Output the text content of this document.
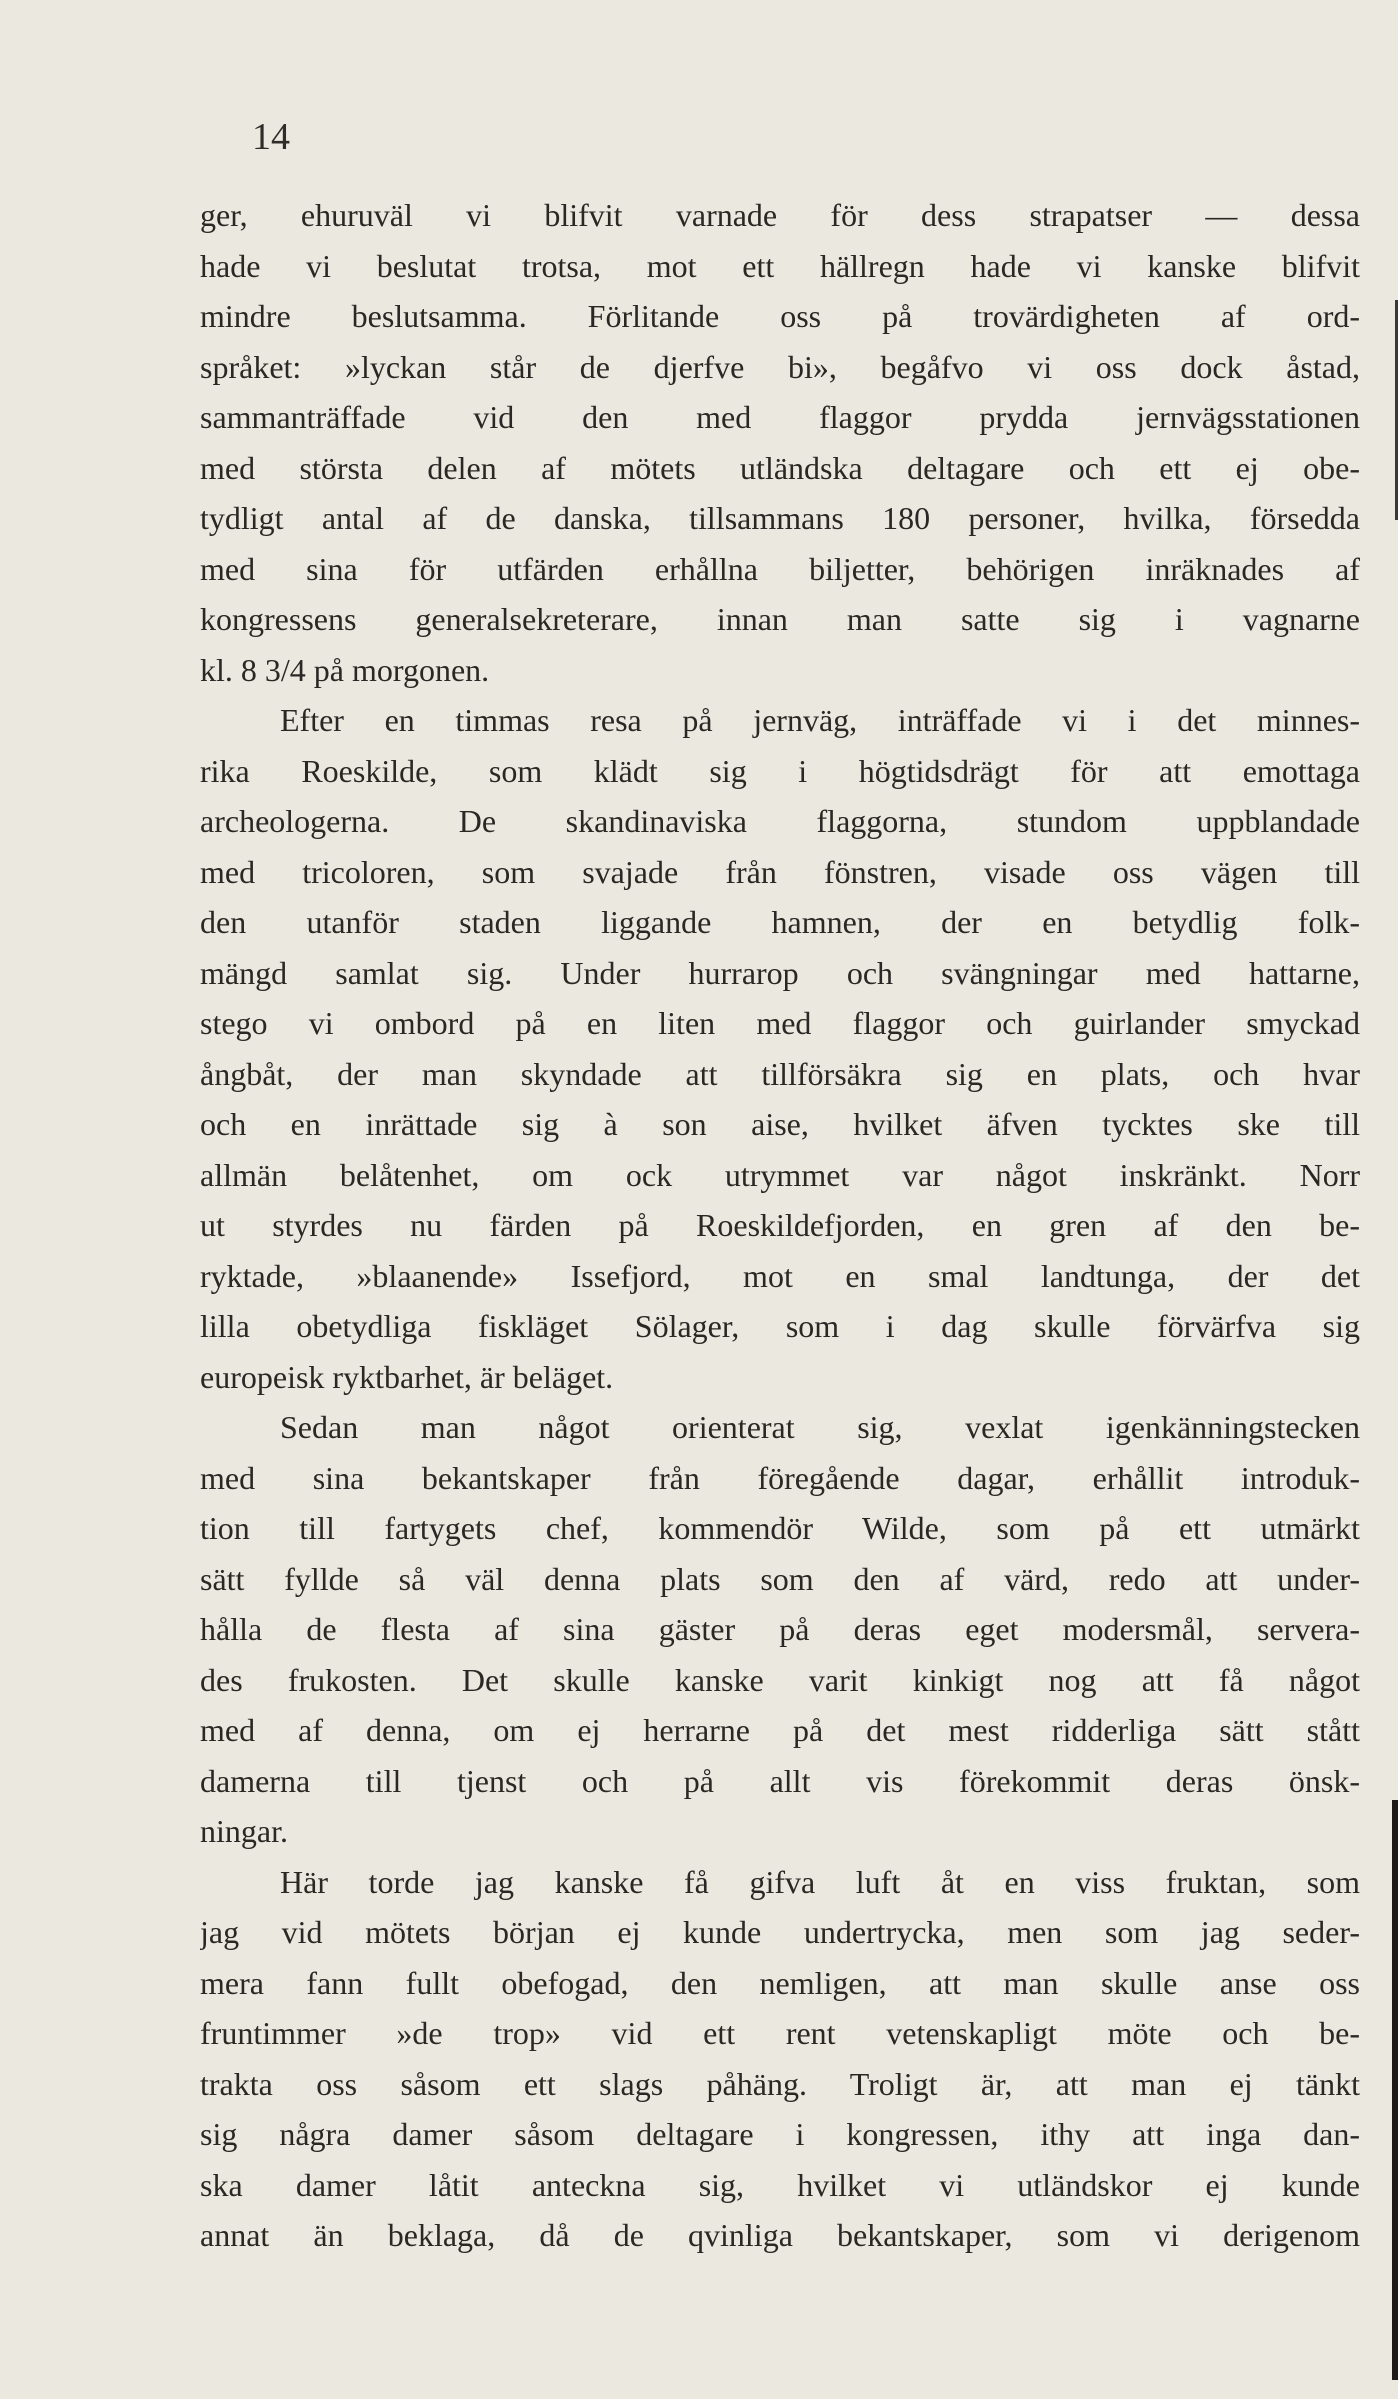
14
ger, ehuruväl vi blifvit varnade för dess strapatser — dessa
hade vi beslutat trotsa, mot ett hällregn hade vi kanske blifvit
mindre beslutsamma. Förlitande oss på trovärdigheten af ord-
språket: »lyckan står de djerfve bi», begåfvo vi oss dock åstad,
sammanträffade vid den med flaggor prydda jernvägsstationen
med största delen af mötets utländska deltagare och ett ej obe-
tydligt antal af de danska, tillsammans 180 personer, hvilka, försedda
med sina för utfärden erhållna biljetter, behörigen inräknades af
kongressens generalsekreterare, innan man satte sig i vagnarne
kl. 8 3/4 på morgonen.
Efter en timmas resa på jernväg, inträffade vi i det minnes-
rika Roeskilde, som klädt sig i högtidsdrägt för att emottaga
archeologerna. De skandinaviska flaggorna, stundom uppblandade
med tricoloren, som svajade från fönstren, visade oss vägen till
den utanför staden liggande hamnen, der en betydlig folk-
mängd samlat sig. Under hurrarop och svängningar med hattarne,
stego vi ombord på en liten med flaggor och guirlander smyckad
ångbåt, der man skyndade att tillförsäkra sig en plats, och hvar
och en inrättade sig à son aise, hvilket äfven tycktes ske till
allmän belåtenhet, om ock utrymmet var något inskränkt. Norr
ut styrdes nu färden på Roeskildefjorden, en gren af den be-
ryktade, »blaanende» Issefjord, mot en smal landtunga, der det
lilla obetydliga fiskläget Sölager, som i dag skulle förvärfva sig
europeisk ryktbarhet, är beläget.
Sedan man något orienterat sig, vexlat igenkänningstecken
med sina bekantskaper från föregående dagar, erhållit introduk-
tion till fartygets chef, kommendör Wilde, som på ett utmärkt
sätt fyllde så väl denna plats som den af värd, redo att under-
hålla de flesta af sina gäster på deras eget modersmål, servera-
des frukosten. Det skulle kanske varit kinkigt nog att få något
med af denna, om ej herrarne på det mest ridderliga sätt stått
damerna till tjenst och på allt vis förekommit deras önsk-
ningar.
Här torde jag kanske få gifva luft åt en viss fruktan, som
jag vid mötets början ej kunde undertrycka, men som jag seder-
mera fann fullt obefogad, den nemligen, att man skulle anse oss
fruntimmer »de trop» vid ett rent vetenskapligt möte och be-
trakta oss såsom ett slags påhäng. Troligt är, att man ej tänkt
sig några damer såsom deltagare i kongressen, ithy att inga dan-
ska damer låtit anteckna sig, hvilket vi utländskor ej kunde
annat än beklaga, då de qvinliga bekantskaper, som vi derigenom
